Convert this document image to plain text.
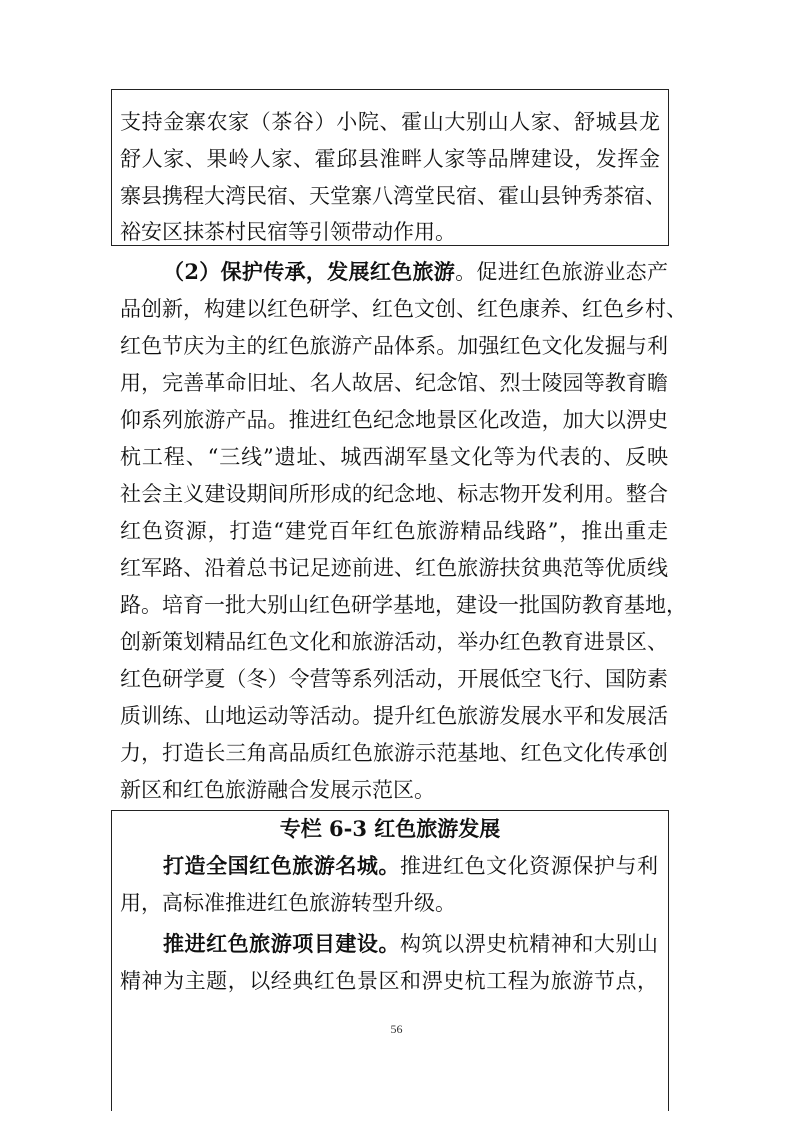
支持金寨农家（茶谷）小院、霍山大别山人家、舒城县龙

舒人家、果岭人家、霍邱县淮畔人家等品牌建设，发挥金

寨县携程大湾民宿、天堂寨八湾堂民宿、霍山县钟秀茶宿、

裕安区抹茶村民宿等引领带动作用。

（2）保护传承，发展红色旅游。促进红色旅游业态产

品创新，构建以红色研学、红色文创、红色康养、红色乡村、

红色节庆为主的红色旅游产品体系。加强红色文化发掘与利

用，完善革命旧址、名人故居、纪念馆、烈士陵园等教育瞻

仰系列旅游产品。推进红色纪念地景区化改造，加大以淠史

杭工程、“三线”遗址、城西湖军垦文化等为代表的、反映

社会主义建设期间所形成的纪念地、标志物开发利用。整合

红色资源，打造“建党百年红色旅游精品线路”，推出重走

红军路、沿着总书记足迹前进、红色旅游扶贫典范等优质线

路。培育一批大别山红色研学基地，建设一批国防教育基地，

创新策划精品红色文化和旅游活动，举办红色教育进景区、

红色研学夏（冬）令营等系列活动，开展低空飞行、国防素

质训练、山地运动等活动。提升红色旅游发展水平和发展活

力，打造长三角高品质红色旅游示范基地、红色文化传承创

新区和红色旅游融合发展示范区。

专栏 6-3 红色旅游发展

打造全国红色旅游名城。推进红色文化资源保护与利

用，高标准推进红色旅游转型升级。

推进红色旅游项目建设。构筑以淠史杭精神和大别山

精神为主题，以经典红色景区和淠史杭工程为旅游节点，

56
